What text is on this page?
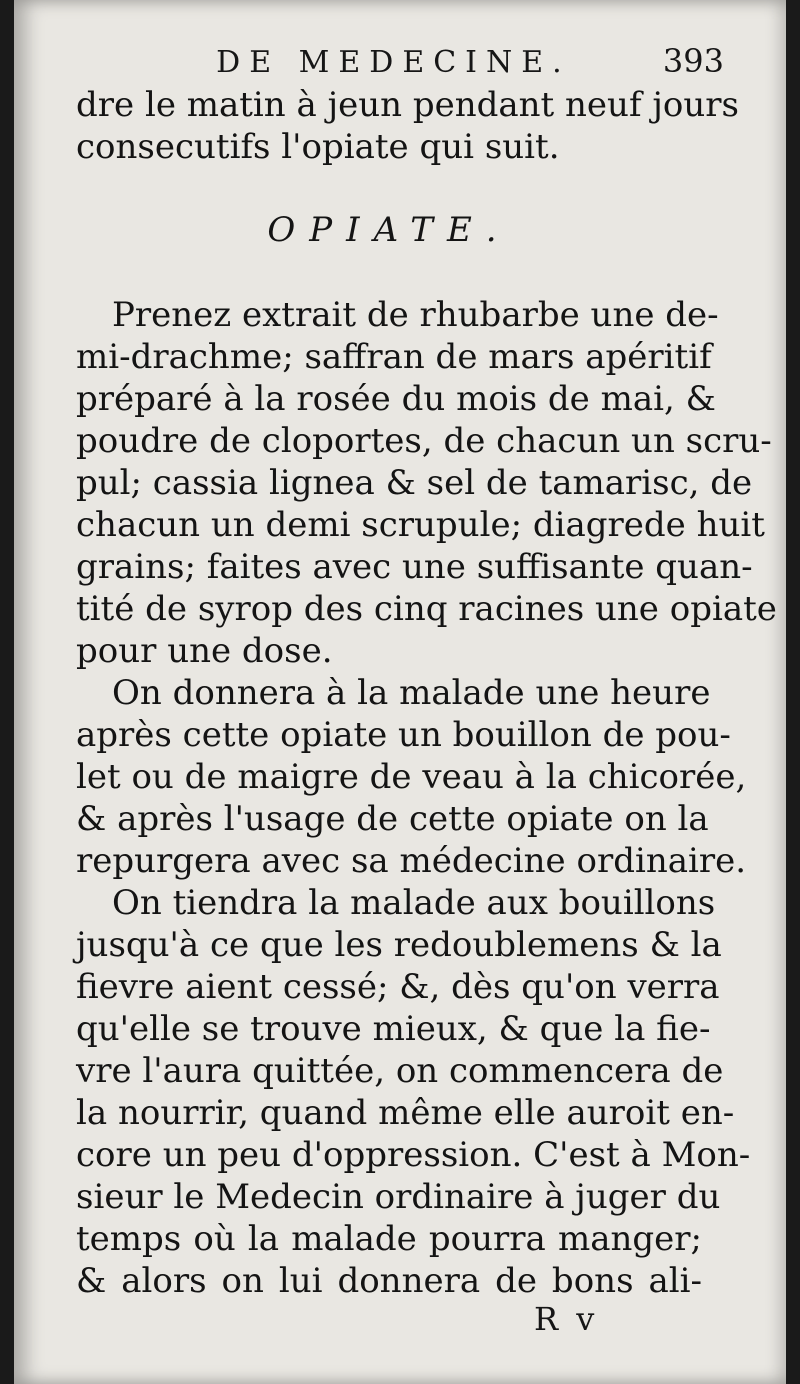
DE MEDECINE.	393
dre le matin à jeun pendant neuf jours
consecutifs l'opiate qui suit.
OPIATE.
Prenez extrait de rhubarbe une de-
mi-drachme; saffran de mars apéritif
préparé à la rosée du mois de mai, &
poudre de cloportes, de chacun un scru-
pul; cassia lignea & sel de tamarisc, de
chacun un demi scrupule; diagrede huit
grains; faites avec une suffisante quan-
tité de syrop des cinq racines une opiate
pour une dose.
On donnera à la malade une heure
après cette opiate un bouillon de pou-
let ou de maigre de veau à la chicorée,
& après l'usage de cette opiate on la
repurgera avec sa médecine ordinaire.
On tiendra la malade aux bouillons
jusqu'à ce que les redoublemens & la
fievre aient cessé; &, dès qu'on verra
qu'elle se trouve mieux, & que la fie-
vre l'aura quittée, on commencera de
la nourrir, quand même elle auroit en-
core un peu d'oppression. C'est à Mon-
sieur le Medecin ordinaire à juger du
temps où la malade pourra manger;
& alors on lui donnera de bons ali-
R v
